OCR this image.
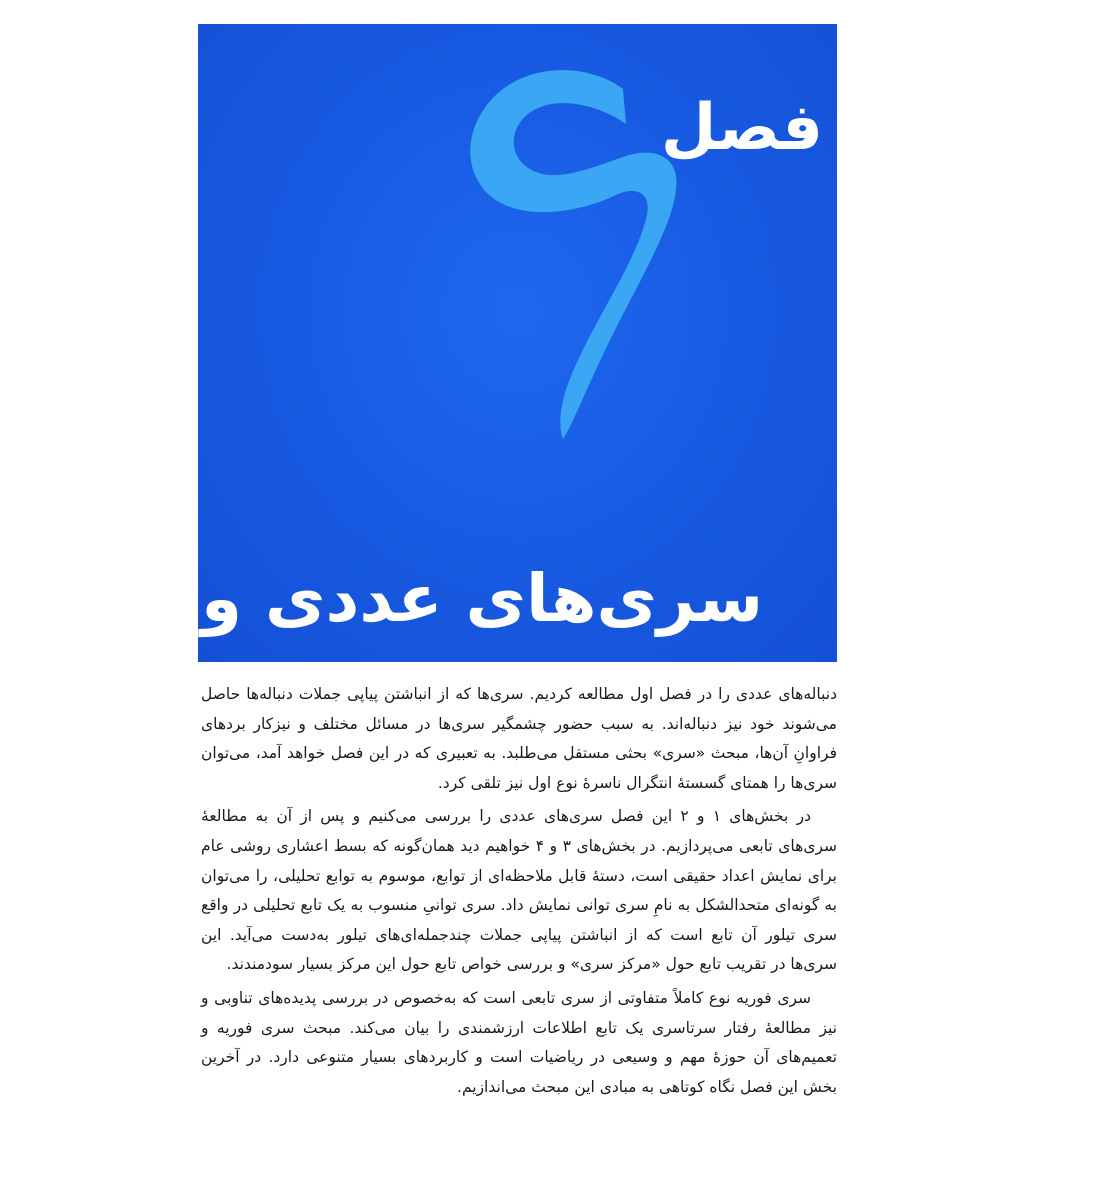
فصل
سری‌های عددی و تابعی

دنباله‌های عددی را در فصل اول مطالعه کردیم. سری‌ها که از انباشتن پیاپی جملات دنباله‌ها حاصل می‌شوند خود نیز دنباله‌اند. به سبب حضور چشمگیر سری‌ها در مسائل مختلف و نیزکار بردهای فراوانِ آن‌ها، مبحث «سری» بحثی مستقل می‌طلبد. به تعبیری که در این فصل خواهد آمد، می‌توان سری‌ها را همتای گسستهٔ انتگرال ناسرهٔ نوع اول نیز تلقی کرد.

در بخش‌های ۱ و ۲ این فصل سری‌های عددی را بررسی می‌کنیم و پس از آن به مطالعهٔ سری‌های تابعی می‌پردازیم. در بخش‌های ۳ و ۴ خواهیم دید همان‌گونه که بسط اعشاری روشی عام برای نمایش اعداد حقیقی است، دستهٔ قابل ملاحظه‌ای از توابع، موسوم به توابع تحلیلی، را می‌توان به گونه‌ای متحدالشکل به نامِ سری توانی نمایش داد. سری توانیِ منسوب به یک تابع تحلیلی در واقع سری تیلور آن تابع است که از انباشتن پیاپی جملات چندجمله‌ای‌های تیلور به‌دست می‌آید. این سری‌ها در تقریب تابع حول «مرکز سری» و بررسی خواص تابع حول این مرکز بسیار سودمندند.

سری فوریه نوع کاملاً متفاوتی از سری تابعی است که به‌خصوص در بررسی پدیده‌های تناوبی و نیز مطالعهٔ رفتار سرتاسری یک تابع اطلاعات ارزشمندی را بیان می‌کند. مبحث سری فوریه و تعمیم‌های آن حوزهٔ مهم و وسیعی در ریاضیات است و کاربردهای بسیار متنوعی دارد. در آخرین بخش این فصل نگاه کوتاهی به مبادی این مبحث می‌اندازیم.
